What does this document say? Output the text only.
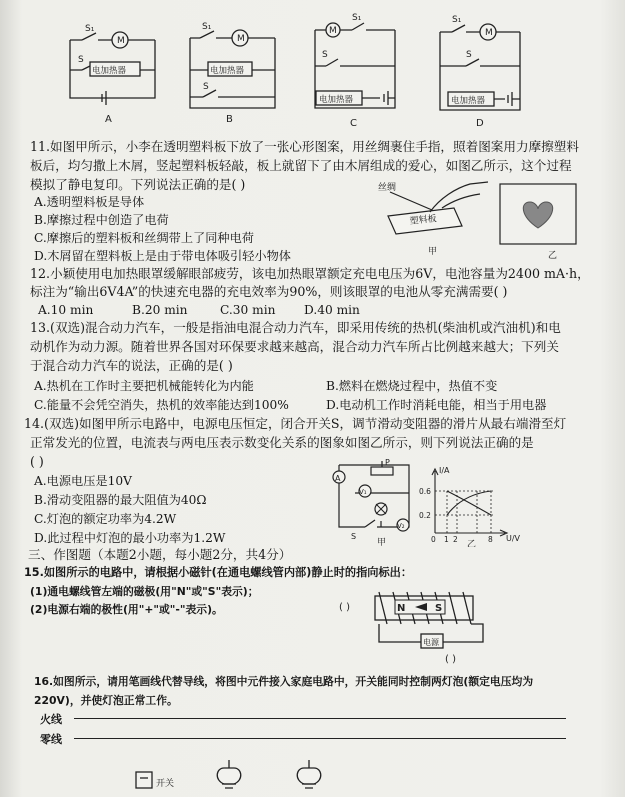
M
S₁
S
M
S₁
S
M
S₁
S
M
S₁
S
电加热器	电加热器
电加热器	电加热器
A	B	C	D
11.如图甲所示，小李在透明塑料板下放了一张心形图案，用丝绸裹住手指，照着图案用力摩擦塑料
板后，均匀撒上木屑，竖起塑料板轻敲，板上就留下了由木屑组成的爱心，如图乙所示，这个过程
模拟了静电复印。下列说法正确的是( )
A.透明塑料板是导体
B.摩擦过程中创造了电荷
C.摩擦后的塑料板和丝绸带上了同种电荷
D.木屑留在塑料板上是由于带电体吸引轻小物体
丝绸
塑料板
甲	乙
12.小颖使用电加热眼罩缓解眼部疲劳，该电加热眼罩额定充电电压为6V，电池容量为2400 mA·h，
标注为“输出6V4A”的快速充电器的充电效率为90%，则该眼罩的电池从零充满需要( )
A.10 min	B.20 min	C.30 min D.40 min
13.(双选)混合动力汽车，一般是指油电混合动力汽车，即采用传统的热机(柴油机或汽油机)和电
动机作为动力源。随着世界各国对环保要求越来越高，混合动力汽车所占比例越来越大；下列关
于混合动力汽车的说法，正确的是( )
A.热机在工作时主要把机械能转化为内能	B.燃料在燃烧过程中，热值不变
C.能量不会凭空消失，热机的效率能达到100%	D.电动机工作时消耗电能，相当于用电器
14.(双选)如图甲所示电路中，电源电压恒定，闭合开关S，调节滑动变阻器的滑片从最右端滑至灯
正常发光的位置，电流表与两电压表示数变化关系的图象如图乙所示，则下列说法正确的是
( )
A.电源电压是10V
B.滑动变阻器的最大阻值为40Ω
C.灯泡的额定功率为4.2W
D.此过程中灯泡的最小功率为1.2W
A
V₁
V₂
P
S
甲
I/A
U/V
0.6
0.2
0 1 2	8
乙
三、作图题（本题2小题，每小题2分，共4分）
15.如图所示的电路中，请根据小磁针(在通电螺线管内部)静止时的指向标出：
(1)通电螺线管左端的磁极(用"N"或"S"表示)；
(2)电源右端的极性(用"+"或"-"表示)。	N	S
电源
( )
( )
16.如图所示，请用笔画线代替导线，将图中元件接入家庭电路中，开关能同时控制两灯泡(额定电压均为
220V)，并使灯泡正常工作。
火线
零线
开关
